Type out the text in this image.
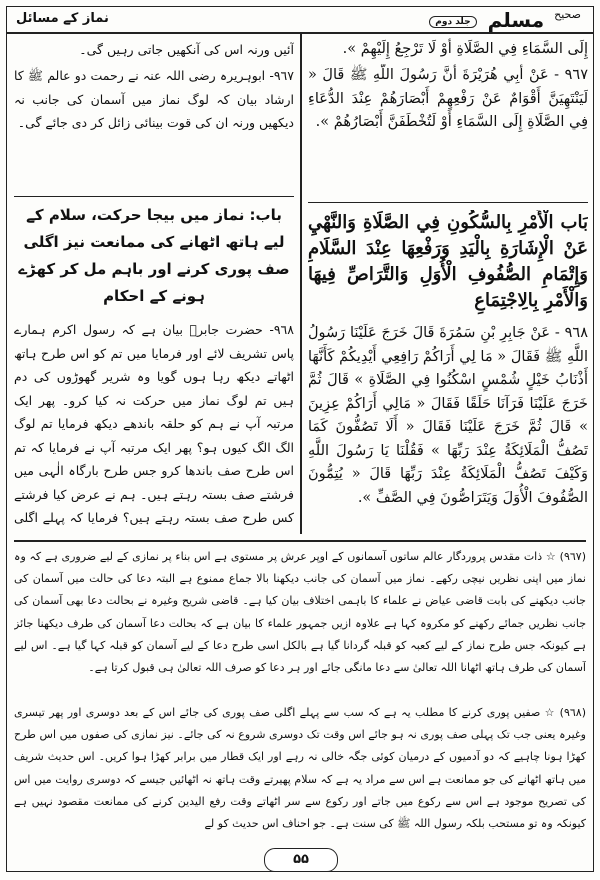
$^{صحیح}$ مسلم جلد دوم
نماز کے مسائل
إِلَى السَّمَاءِ فِي الصَّلَاةِ أَوْ لَا تَرْجِعُ إِلَيْهِمْ ».
٩٦٧ - عَنْ أَبِي هُرَيْرَةَ أَنَّ رَسُولَ اللَّهِ ﷺ قَالَ « لَيَنْتَهِيَنَّ أَقْوَامٌ عَنْ رَفْعِهِمْ أَبْصَارَهُمْ عِنْدَ الدُّعَاءِ فِي الصَّلَاةِ إِلَى السَّمَاءِ أَوْ لَتُخْطَفَنَّ أَبْصَارُهُمْ ».
بَاب الْأَمْرِ بِالسُّكُونِ فِي الصَّلَاةِ وَالنَّهْيِ عَنْ الْإِشَارَةِ بِالْيَدِ وَرَفْعِهَا عِنْدَ السَّلَامِ وَإِتْمَامِ الصُّفُوفِ الْأُوَلِ وَالتَّرَاصِّ فِيهَا وَالْأَمْرِ بِالِاجْتِمَاعِ
٩٦٨ - عَنْ جَابِرِ بْنِ سَمُرَةَ قَالَ خَرَجَ عَلَيْنَا رَسُولُ اللَّهِ ﷺ فَقَالَ « مَا لِي أَرَاكُمْ رَافِعِي أَيْدِيكُمْ كَأَنَّهَا أَذْنَابُ خَيْلٍ شُمْسٍ اسْكُنُوا فِي الصَّلَاةِ » قَالَ ثُمَّ خَرَجَ عَلَيْنَا فَرَآنَا حَلَقًا فَقَالَ « مَالِي أَرَاكُمْ عِزِينَ » قَالَ ثُمَّ خَرَجَ عَلَيْنَا فَقَالَ « أَلَا تَصُفُّونَ كَمَا تَصُفُّ الْمَلَائِكَةُ عِنْدَ رَبِّهَا » فَقُلْنَا يَا رَسُولَ اللَّهِ وَكَيْفَ تَصُفُّ الْمَلَائِكَةُ عِنْدَ رَبِّهَا قَالَ « يُتِمُّونَ الصُّفُوفَ الْأُوَلَ وَيَتَرَاصُّونَ فِي الصَّفِّ ».
آئیں ورنہ اس کی آنکھیں جاتی رہیں گی۔
٩٦٧- ابوہریرہ رضی اللہ عنہ نے رحمت دو عالم ﷺ کا ارشاد بیان کہ لوگ نماز میں آسمان کی جانب نہ دیکھیں ورنہ ان کی قوت بینائی زائل کر دی جائے گی۔
باب: نماز میں بیجا حرکت، سلام کے لیے ہاتھ اٹھانے کی ممانعت نیز اگلی صف پوری کرنے اور باہم مل کر کھڑے ہونے کے احکام
٩٦٨- حضرت جابرؓ بیان ہے کہ رسول اکرم ہمارے پاس تشریف لائے اور فرمایا میں تم کو اس طرح ہاتھ اٹھاتے دیکھ رہا ہوں گویا وہ شریر گھوڑوں کی دم ہیں تم لوگ نماز میں حرکت نہ کیا کرو۔ پھر ایک مرتبہ آپ نے ہم کو حلقہ باندھے دیکھ فرمایا تم لوگ الگ الگ کیوں ہو؟ پھر ایک مرتبہ آپ نے فرمایا کہ تم اس طرح صف باندھا کرو جس طرح بارگاہ الٰہی میں فرشتے صف بستہ رہتے ہیں۔ ہم نے عرض کیا فرشتے کس طرح صف بستہ رہتے ہیں؟ فرمایا کہ پہلے اگلی
(٩٦٧) ☆ ذات مقدس پروردگار عالم ساتوں آسمانوں کے اوپر عرش پر مستوی ہے اس بناء پر نمازی کے لیے ضروری ہے کہ وہ نماز میں اپنی نظریں نیچی رکھے۔ نماز میں آسمان کی جانب دیکھنا بالا جماع ممنوع ہے البتہ دعا کی حالت میں آسمان کی جانب دیکھنے کی بابت قاضی عیاض نے علماء کا باہمی اختلاف بیان کیا ہے۔ قاضی شریح وغیرہ نے بحالت دعا بھی آسمان کی جانب نظریں جمائے رکھنے کو مکروہ کہا ہے علاوہ ازیں جمہور علماء کا بیان ہے کہ بحالت دعا آسمان کی طرف دیکھنا جائز ہے کیونکہ جس طرح نماز کے لیے کعبہ کو قبلہ گردانا گیا ہے بالکل اسی طرح دعا کے لیے آسمان کو قبلہ کہا گیا ہے۔ اس لیے آسمان کی طرف ہاتھ اٹھانا اللہ تعالیٰ سے دعا مانگی جائے اور ہر دعا کو صرف اللہ تعالیٰ ہی قبول کرتا ہے۔
(٩٦٨) ☆ صفیں پوری کرنے کا مطلب یہ ہے کہ سب سے پہلے اگلی صف پوری کی جائے اس کے بعد دوسری اور پھر تیسری وغیرہ یعنی جب تک پہلی صف پوری نہ ہو جائے اس وقت تک دوسری شروع نہ کی جائے۔ نیز نمازی کی صفوں میں اس طرح کھڑا ہونا چاہیے کہ دو آدمیوں کے درمیان کوئی جگہ خالی نہ رہے اور ایک قطار میں برابر کھڑا ہوا کریں۔ اس حدیث شریف میں ہاتھ اٹھانے کی جو ممانعت ہے اس سے مراد یہ ہے کہ سلام پھیرتے وقت ہاتھ نہ اٹھائیں جیسے کہ دوسری روایت میں اس کی تصریح موجود ہے اس سے رکوع میں جاتے اور رکوع سے سر اٹھاتے وقت رفع الیدین کرنے کی ممانعت مقصود نہیں ہے کیونکہ وہ تو مستحب بلکہ رسول اللہ ﷺ کی سنت ہے۔ جو احناف اس حدیث کو لے
۵۵
